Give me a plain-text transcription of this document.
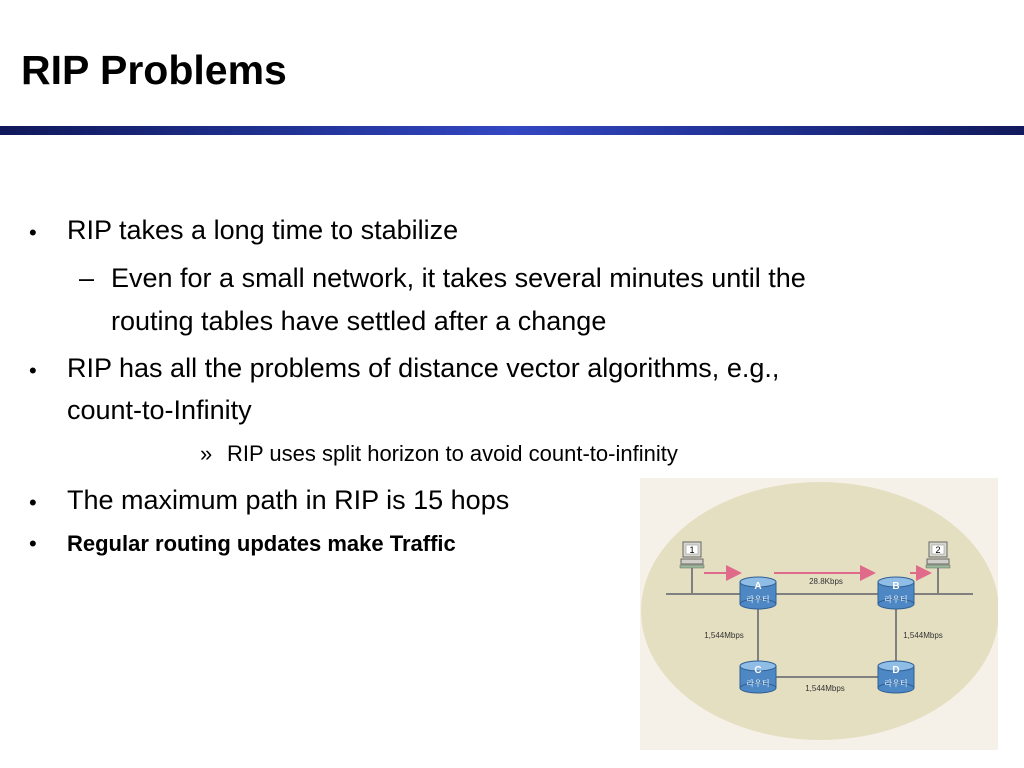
RIP Problems
• RIP takes a long time to stabilize
– Even for a small network, it takes several minutes until the
routing tables have settled after a change
• RIP has all the problems of distance vector algorithms, e.g.,
count-to-Infinity
» RIP uses split horizon to avoid count-to-infinity
• The maximum path in RIP is 15 hops
• Regular routing updates make Traffic
28.8Kbps
1,544Mbps	1,544Mbps
1,544Mbps
1	2
A
라우터
B
라우터
C
라우터
D
라우터
